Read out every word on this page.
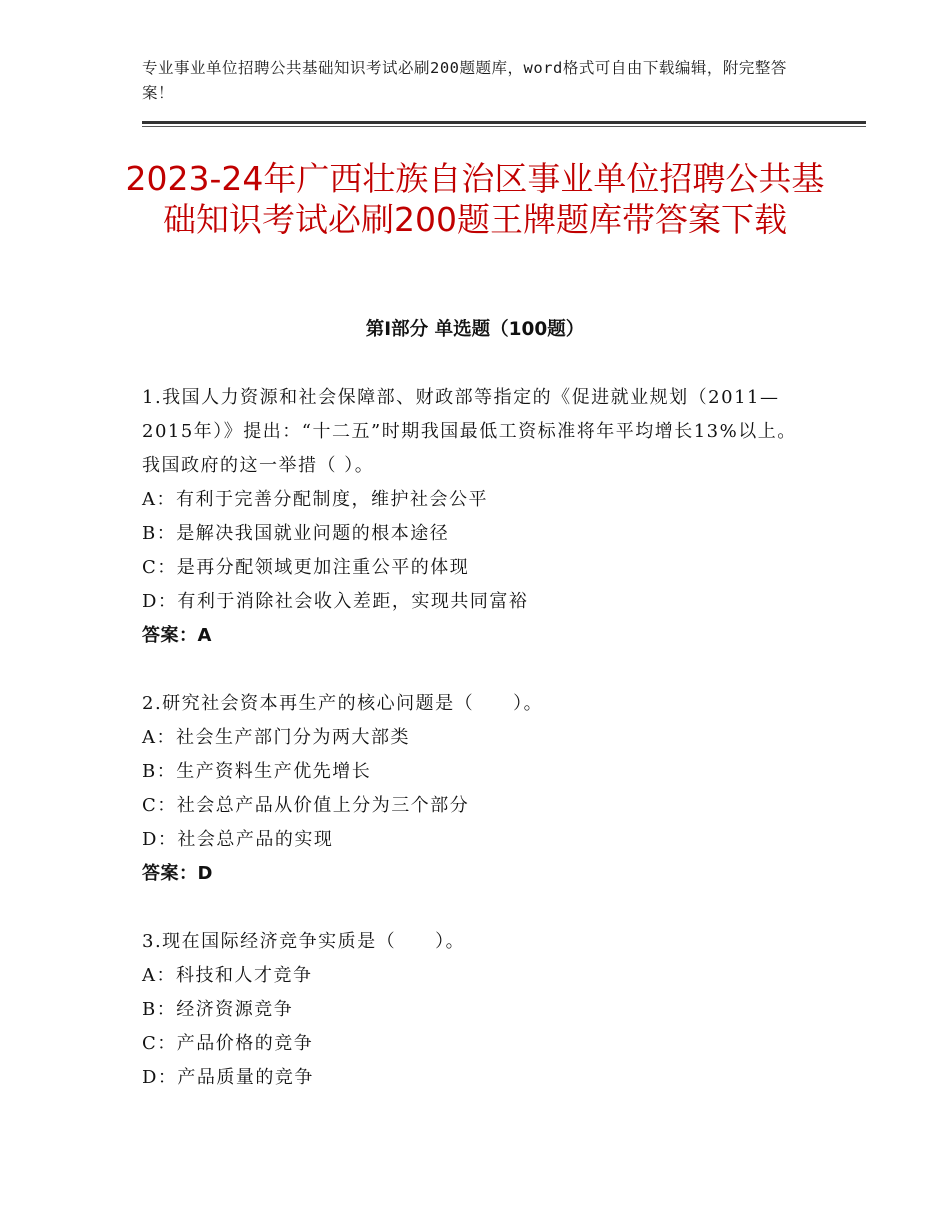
专业事业单位招聘公共基础知识考试必刷200题题库，word格式可自由下载编辑，附完整答案！
2023-24年广西壮族自治区事业单位招聘公共基础知识考试必刷200题王牌题库带答案下载
第Ⅰ部分 单选题（100题）
1.我国人力资源和社会保障部、财政部等指定的《促进就业规划（2011—2015年）》提出：“十二五”时期我国最低工资标准将年平均增长13%以上。我国政府的这一举措（ ）。
A：有利于完善分配制度，维护社会公平
B：是解决我国就业问题的根本途径
C：是再分配领域更加注重公平的体现
D：有利于消除社会收入差距，实现共同富裕
答案：A
2.研究社会资本再生产的核心问题是（　　）。
A：社会生产部门分为两大部类
B：生产资料生产优先增长
C：社会总产品从价值上分为三个部分
D：社会总产品的实现
答案：D
3.现在国际经济竞争实质是（　　）。
A：科技和人才竞争
B：经济资源竞争
C：产品价格的竞争
D：产品质量的竞争
